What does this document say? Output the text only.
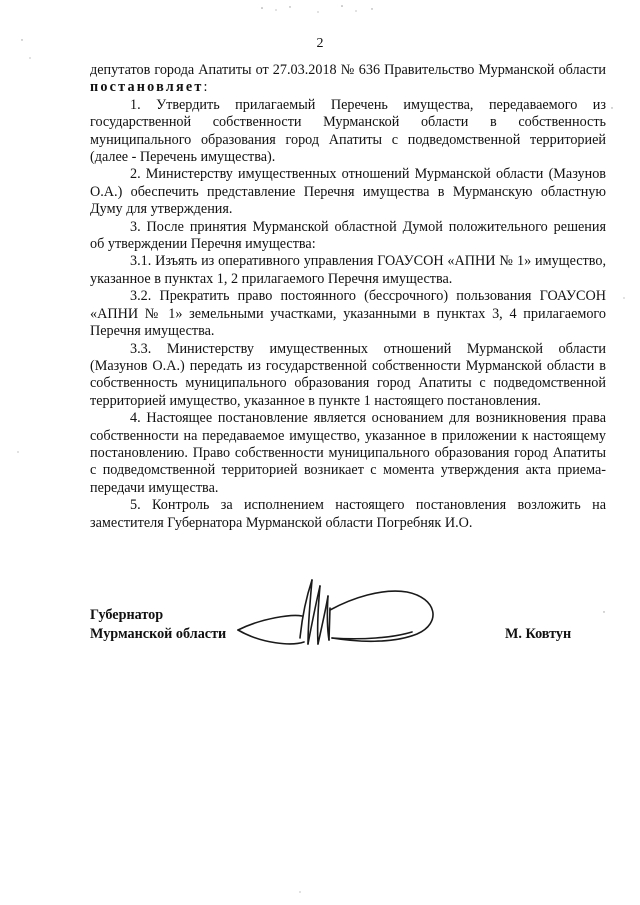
2

депутатов города Апатиты от 27.03.2018 № 636 Правительство Мурманской области постановляет:

1. Утвердить прилагаемый Перечень имущества, передаваемого из государственной собственности Мурманской области в собственность муниципального образования город Апатиты с подведомственной территорией (далее - Перечень имущества).

2. Министерству имущественных отношений Мурманской области (Мазунов О.А.) обеспечить представление Перечня имущества в Мурманскую областную Думу для утверждения.

3. После принятия Мурманской областной Думой положительного решения об утверждении Перечня имущества:

3.1. Изъять из оперативного управления ГОАУСОН «АПНИ № 1» имущество, указанное в пунктах 1, 2 прилагаемого Перечня имущества.

3.2. Прекратить право постоянного (бессрочного) пользования ГОАУСОН «АПНИ № 1» земельными участками, указанными в пунктах 3, 4 прилагаемого Перечня имущества.

3.3. Министерству имущественных отношений Мурманской области (Мазунов О.А.) передать из государственной собственности Мурманской области в собственность муниципального образования город Апатиты с подведомственной территорией имущество, указанное в пункте 1 настоящего постановления.

4. Настоящее постановление является основанием для возникновения права собственности на передаваемое имущество, указанное в приложении к настоящему постановлению. Право собственности муниципального образования город Апатиты с подведомственной территорией возникает с момента утверждения акта приема-передачи имущества.

5. Контроль за исполнением настоящего постановления возложить на заместителя Губернатора Мурманской области Погребняк И.О.

Губернатор
Мурманской области	М. Ковтун
